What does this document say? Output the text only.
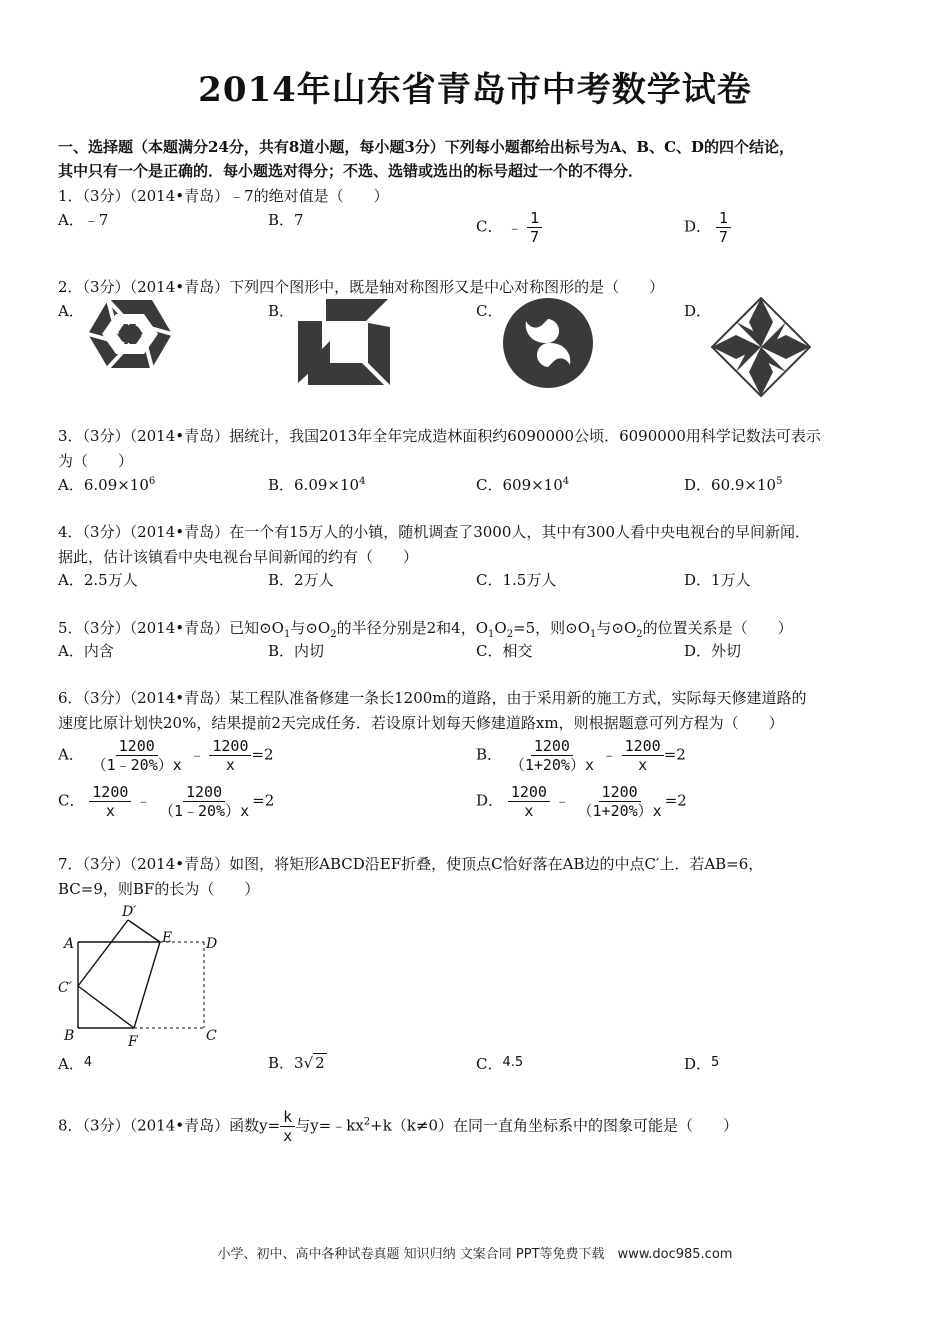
2014年山东省青岛市中考数学试卷
一、选择题（本题满分24分，共有8道小题，每小题3分）下列每小题都给出标号为A、B、C、D的四个结论，
其中只有一个是正确的．每小题选对得分；不选、选错或选出的标号超过一个的不得分．
1．（3分）（2014•青岛）﹣7的绝对值是（　　）
A．﹣7	B．7	C． ﹣ $\frac{1}{7}$	D． $\frac{1}{7}$
2．（3分）（2014•青岛）下列四个图形中，既是轴对称图形又是中心对称图形的是（　　）
A．	B．	C．	D．
3．（3分）（2014•青岛）据统计，我国2013年全年完成造林面积约6090000公顷．6090000用科学记数法可表示
为（　　）
A．$6.09\times 10^6$	B．$6.09\times 10^4$	C．$609\times 10^4$	D．$60.9\times 10^5$
4．（3分）（2014•青岛）在一个有15万人的小镇，随机调查了3000人，其中有300人看中央电视台的早间新闻．
据此，估计该镇看中央电视台早间新闻的约有（　　）
A．2.5万人	B．2万人	C．1.5万人	D．1万人
5．（3分）（2014•青岛）已知$⊙O_1$与$⊙O_2$的半径分别是2和4，$O_1O_2=5$，则$⊙O_1$与$⊙O_2$的位置关系是（　　）
A．内含	B．内切	C．相交	D．外切
6．（3分）（2014•青岛）某工程队准备修建一条长1200m的道路，由于采用新的施工方式，实际每天修建道路的
速度比原计划快20%，结果提前2天完成任务．若设原计划每天修建道路xm，则根据题意可列方程为（　　）
A． $\frac{1200}{(1﹣20\%)x}$ ﹣ $\frac{1200}{x} =2$	B． $\frac{1200}{(1+20\%)x}$ ﹣ $\frac{1200}{x} =2$
C． $\frac{1200}{x}$ ﹣ $\frac{1200}{(1﹣20\%)x} =2$	D． $\frac{1200}{x}$ ﹣ $\frac{1200}{(1+20\%)x} =2$
7．（3分）（2014•青岛）如图，将矩形ABCD沿EF折叠，使顶点C恰好落在AB边的中点C′上．若AB=6，
BC=9，则BF的长为（　　）
A
B
C′
D′
E D
F	C
A．4	B．3√ 2	C．4.5	D．5
8．（3分）（2014•青岛）函数$y= \frac{k}{x}$ 与$y=﹣kx^2+k(k\ne 0)$在同一直角坐标系中的图象可能是（　　）
小学、初中、高中各种试卷真题 知识归纳 文案合同 PPT等免费下载　www.doc985.com
